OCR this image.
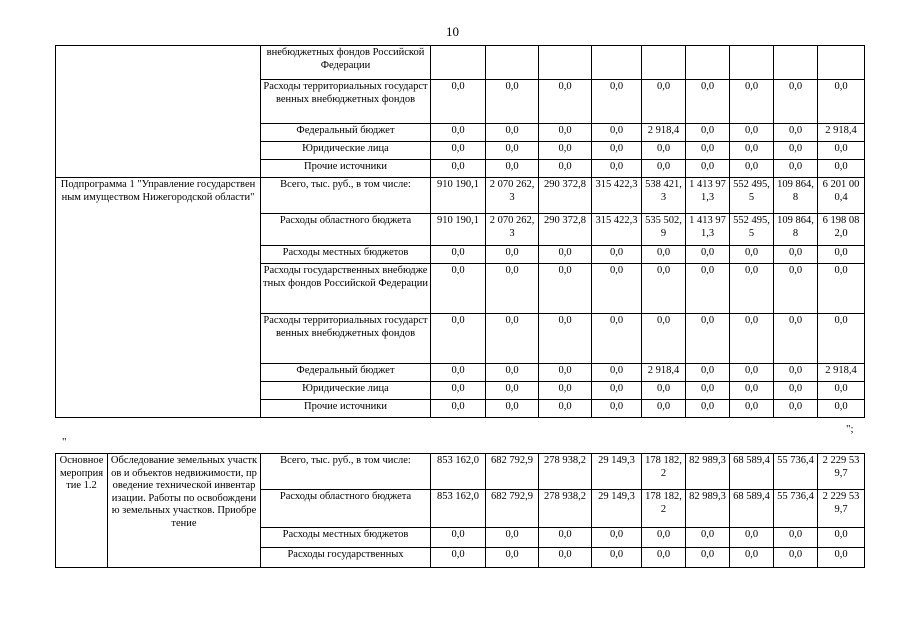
10
	внебюджетных фондов Российской Федерации									
	Расходы территориальных государственных внебюджетных фондов	0,0	0,0	0,0	0,0	0,0	0,0	0,0	0,0	0,0
	Федеральный бюджет	0,0	0,0	0,0	0,0	2 918,4	0,0	0,0	0,0	2 918,4
	Юридические лица	0,0	0,0	0,0	0,0	0,0	0,0	0,0	0,0	0,0
	Прочие источники	0,0	0,0	0,0	0,0	0,0	0,0	0,0	0,0	0,0
Подпрограмма 1 "Управление государственным имуществом Нижегородской области"	Всего, тыс. руб., в том числе:	910 190,1	2 070 262,3	290 372,8	315 422,3	538 421,3	1 413 971,3	552 495,5	109 864,8	6 201 000,4
	Расходы областного бюджета	910 190,1	2 070 262,3	290 372,8	315 422,3	535 502,9	1 413 971,3	552 495,5	109 864,8	6 198 082,0
	Расходы местных бюджетов	0,0	0,0	0,0	0,0	0,0	0,0	0,0	0,0	0,0
	Расходы государственных внебюджетных фондов Российской Федерации	0,0	0,0	0,0	0,0	0,0	0,0	0,0	0,0	0,0
	Расходы территориальных государственных внебюджетных фондов	0,0	0,0	0,0	0,0	0,0	0,0	0,0	0,0	0,0
	Федеральный бюджет	0,0	0,0	0,0	0,0	2 918,4	0,0	0,0	0,0	2 918,4
	Юридические лица	0,0	0,0	0,0	0,0	0,0	0,0	0,0	0,0	0,0
	Прочие источники	0,0	0,0	0,0	0,0	0,0	0,0	0,0	0,0	0,0
";
"
Основное мероприятие 1.2	Обследование земельных участков и объектов недвижимости, проведение технической инвентаризации. Работы по освобождению земельных участков. Приобретение	Всего, тыс. руб., в том числе:	853 162,0	682 792,9	278 938,2	29 149,3	178 182,2	82 989,3	68 589,4	55 736,4	2 229 539,7
		Расходы областного бюджета	853 162,0	682 792,9	278 938,2	29 149,3	178 182,2	82 989,3	68 589,4	55 736,4	2 229 539,7
		Расходы местных бюджетов	0,0	0,0	0,0	0,0	0,0	0,0	0,0	0,0	0,0
		Расходы государственных	0,0	0,0	0,0	0,0	0,0	0,0	0,0	0,0	0,0
